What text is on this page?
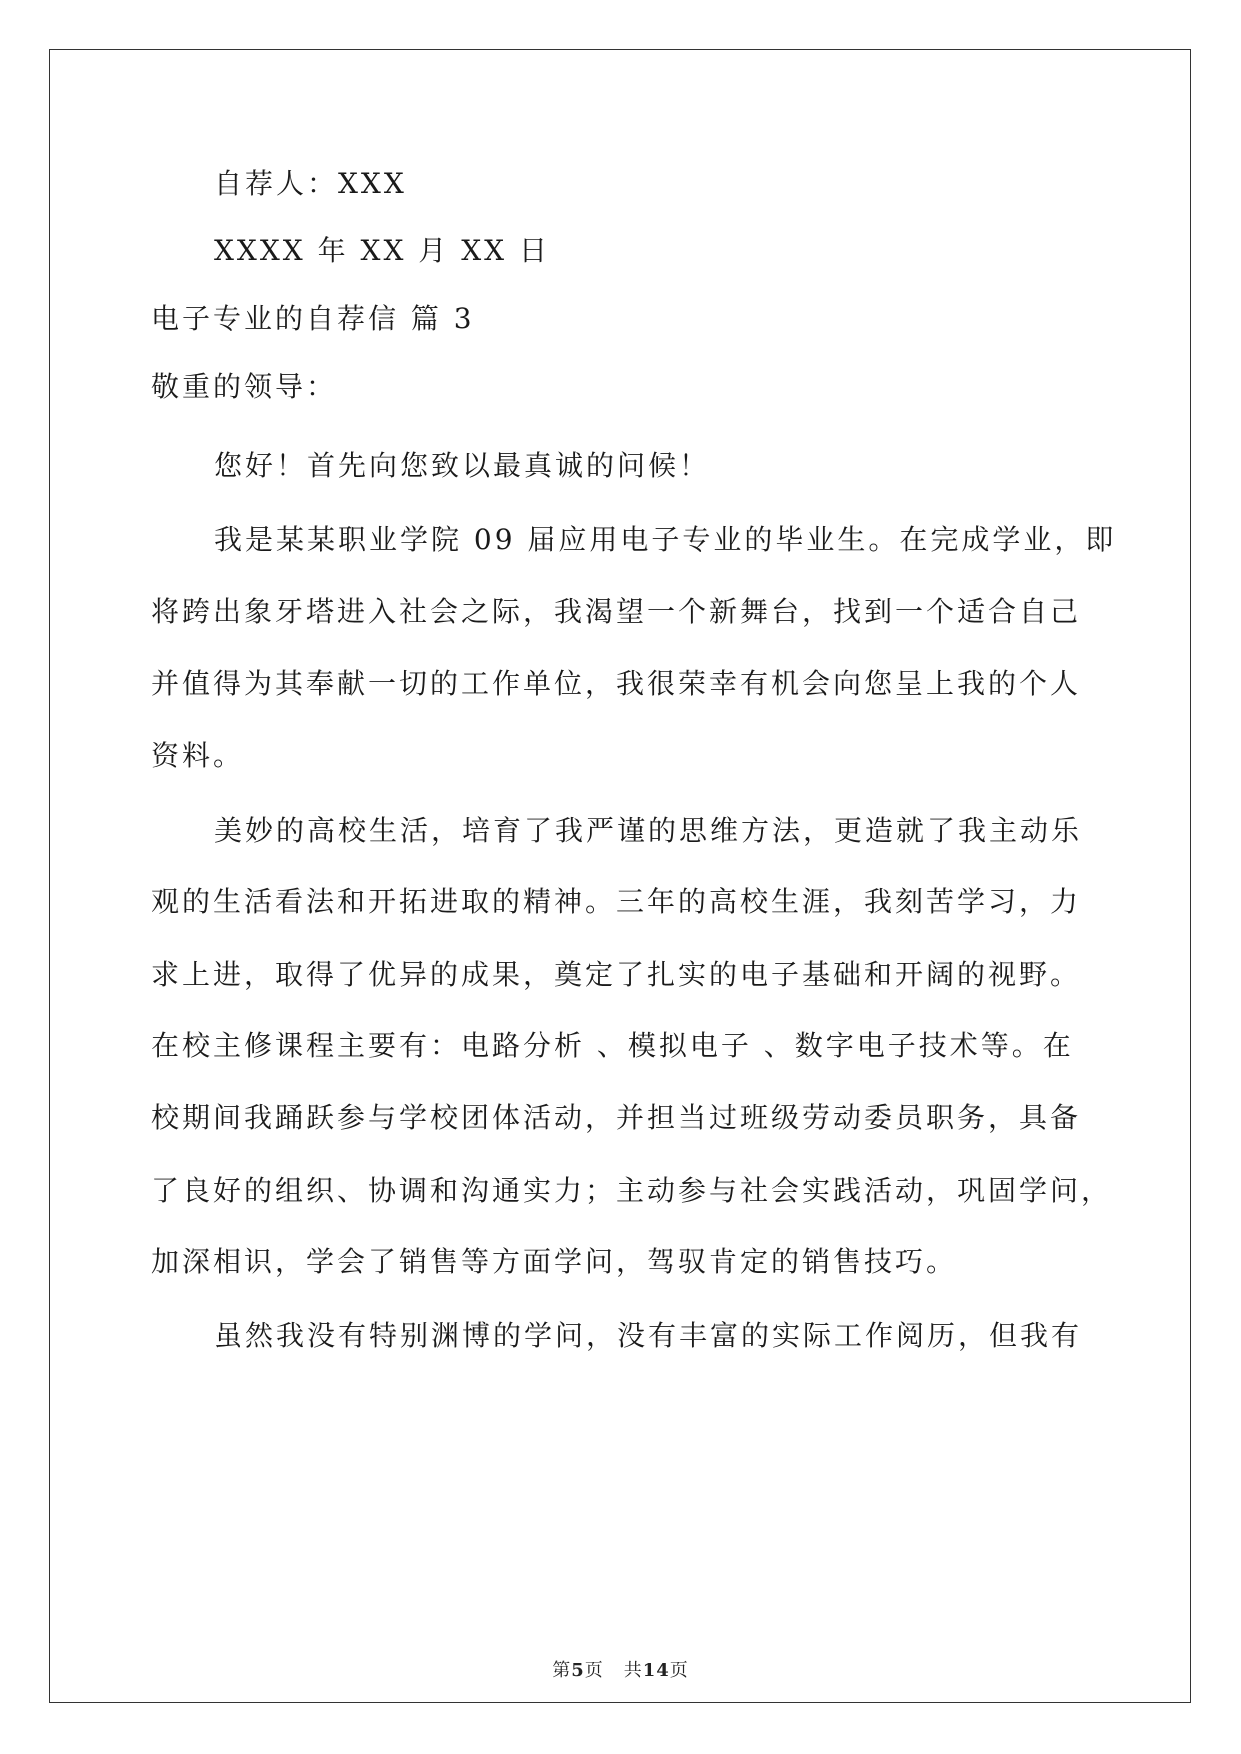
自荐人：XXX
XXXX 年 XX 月 XX 日
电子专业的自荐信 篇 3
敬重的领导：
您好！首先向您致以最真诚的问候！
我是某某职业学院 09 届应用电子专业的毕业生。在完成学业，即
将跨出象牙塔进入社会之际，我渴望一个新舞台，找到一个适合自己
并值得为其奉献一切的工作单位，我很荣幸有机会向您呈上我的个人
资料。
美妙的高校生活，培育了我严谨的思维方法，更造就了我主动乐
观的生活看法和开拓进取的精神。三年的高校生涯，我刻苦学习，力
求上进，取得了优异的成果，奠定了扎实的电子基础和开阔的视野。
在校主修课程主要有：电路分析 、模拟电子 、数字电子技术等。在
校期间我踊跃参与学校团体活动，并担当过班级劳动委员职务，具备
了良好的组织、协调和沟通实力；主动参与社会实践活动，巩固学问，
加深相识，学会了销售等方面学问，驾驭肯定的销售技巧。
虽然我没有特别渊博的学问，没有丰富的实际工作阅历，但我有
第5页 共14页
